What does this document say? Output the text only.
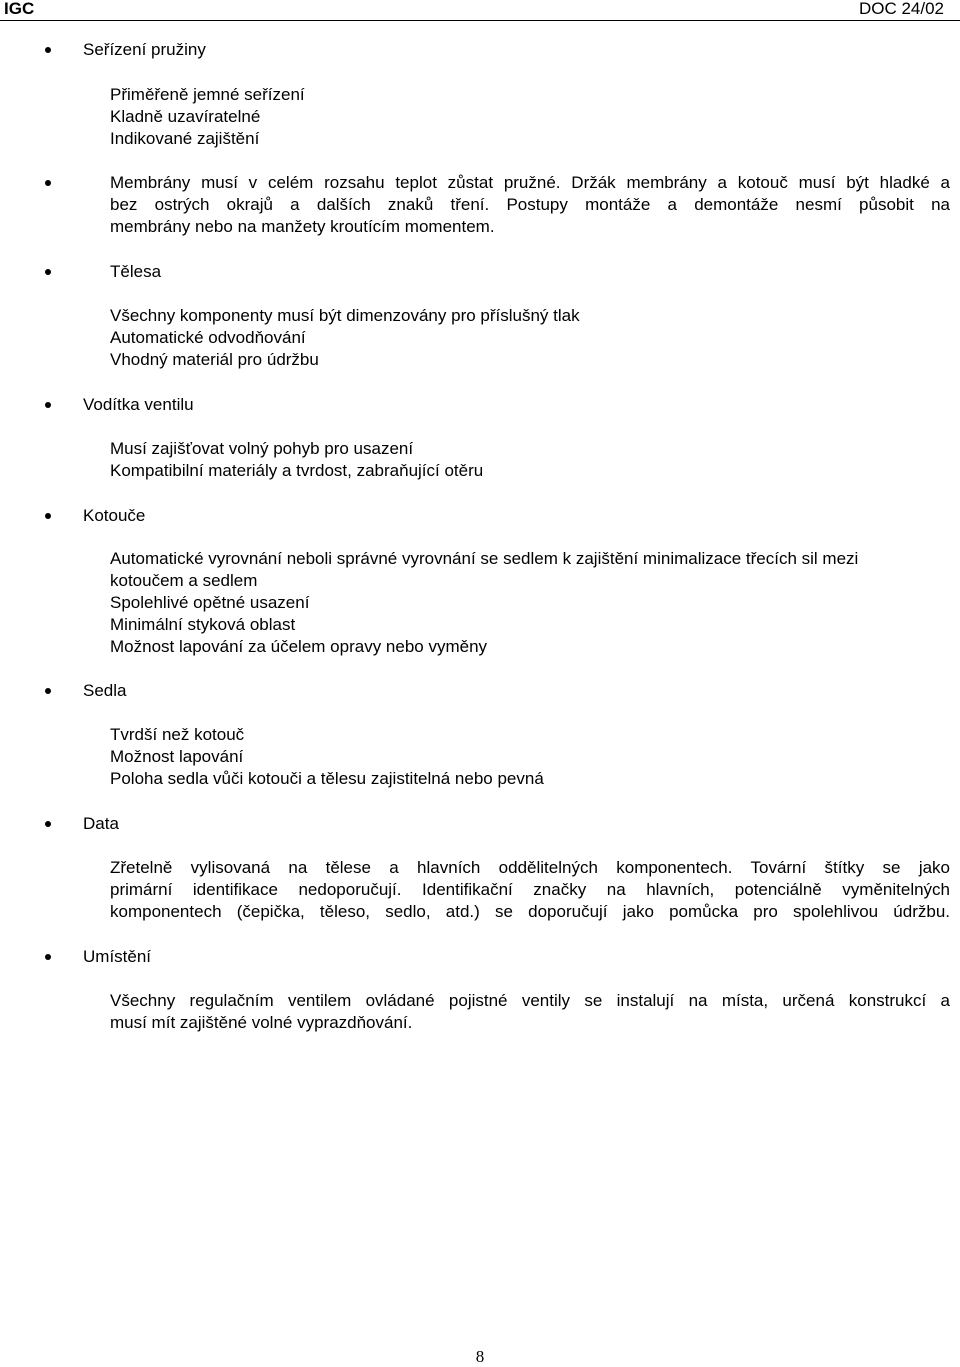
IGC	DOC 24/02
Seřízení pružiny
Přiměřeně jemné seřízení
Kladně uzavíratelné
Indikované zajištění
Membrány musí v celém rozsahu teplot zůstat pružné. Držák membrány a kotouč musí být hladké a
bez ostrých okrajů a dalších znaků tření. Postupy montáže a demontáže nesmí působit na
membrány nebo na manžety kroutícím momentem.
Tělesa
Všechny komponenty musí být dimenzovány pro příslušný tlak
Automatické odvodňování
Vhodný materiál pro údržbu
Vodítka ventilu
Musí zajišťovat volný pohyb pro usazení
Kompatibilní materiály a tvrdost, zabraňující otěru
Kotouče
Automatické vyrovnání neboli správné vyrovnání se sedlem k zajištění minimalizace třecích sil mezi
kotoučem a sedlem
Spolehlivé opětné usazení
Minimální styková oblast
Možnost lapování za účelem opravy nebo vyměny
Sedla
Tvrdší než kotouč
Možnost lapování
Poloha sedla vůči kotouči a tělesu zajistitelná nebo pevná
Data
Zřetelně vylisovaná na tělese a hlavních oddělitelných komponentech. Tovární štítky se jako
primární identifikace nedoporučují. Identifikační značky na hlavních, potenciálně vyměnitelných
komponentech (čepička, těleso, sedlo, atd.) se doporučují jako pomůcka pro spolehlivou údržbu.
Umístění
Všechny regulačním ventilem ovládané pojistné ventily se instalují na místa, určená konstrukcí a
musí mít zajištěné volné vyprazdňování.
8
